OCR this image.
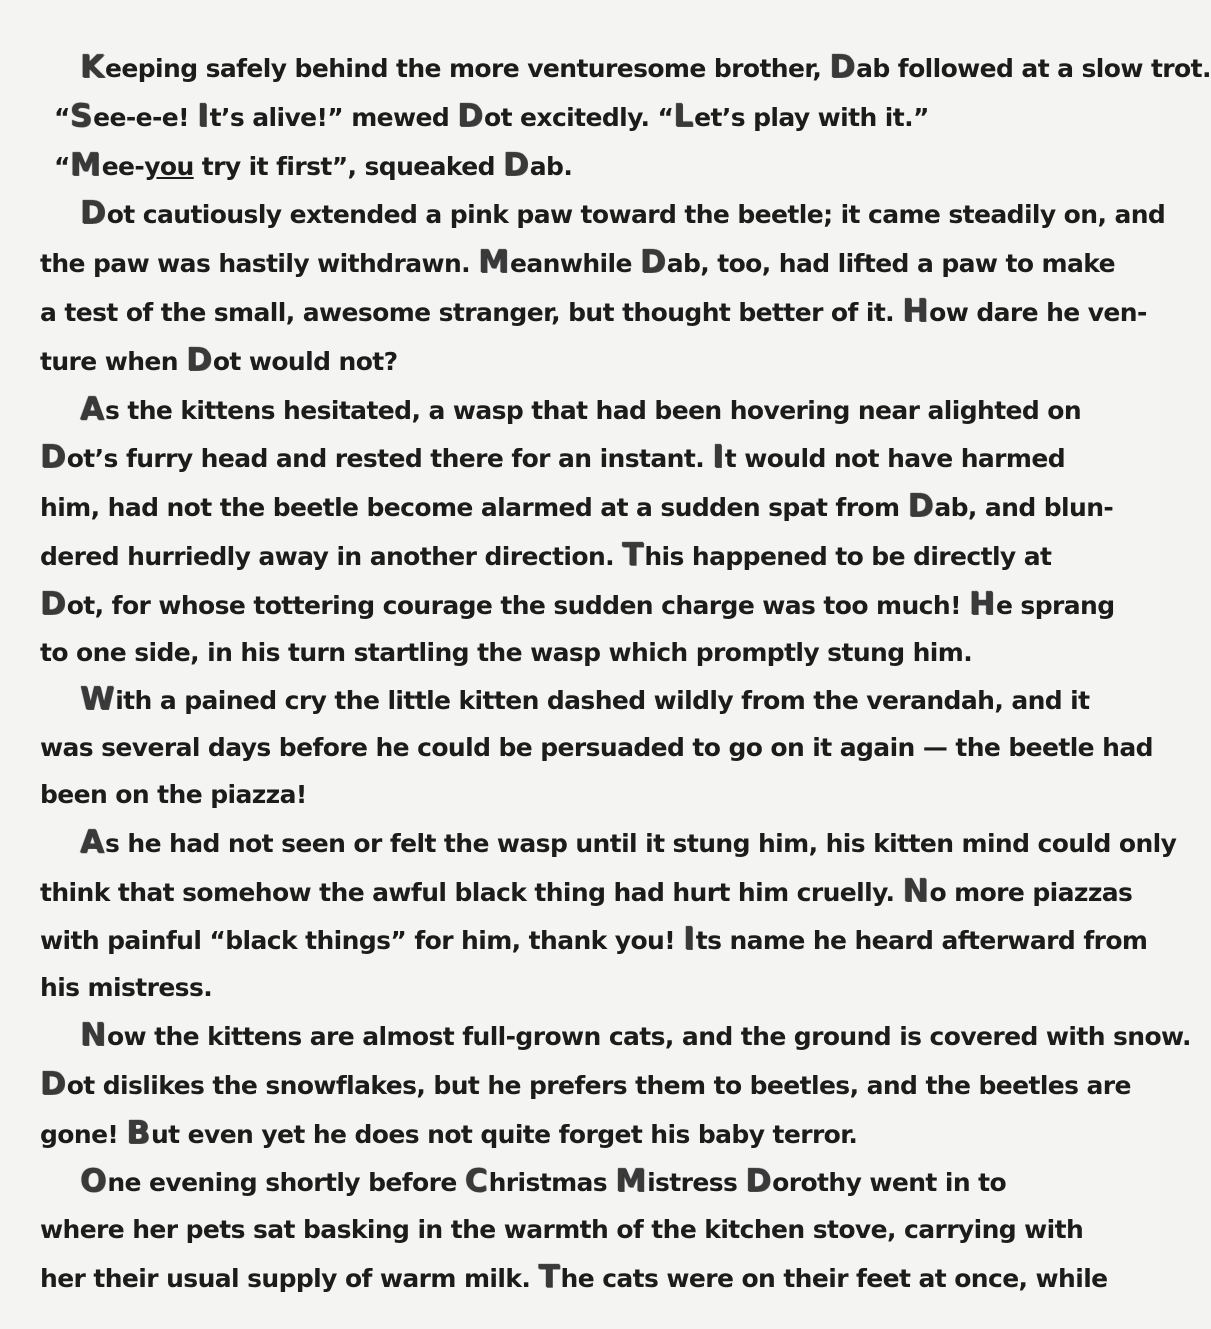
Keeping safely behind the more venturesome brother, Dab followed at a slow trot.
“See-e-e! It’s alive!” mewed Dot excitedly. “Let’s play with it.”
“Mee-you try it first”, squeaked Dab.
Dot cautiously extended a pink paw toward the beetle; it came steadily on, and
the paw was hastily withdrawn. Meanwhile Dab, too, had lifted a paw to make
a test of the small, awesome stranger, but thought better of it. How dare he ven-
ture when Dot would not?
As the kittens hesitated, a wasp that had been hovering near alighted on
Dot’s furry head and rested there for an instant. It would not have harmed
him, had not the beetle become alarmed at a sudden spat from Dab, and blun-
dered hurriedly away in another direction. This happened to be directly at
Dot, for whose tottering courage the sudden charge was too much! He sprang
to one side, in his turn startling the wasp which promptly stung him.
With a pained cry the little kitten dashed wildly from the verandah, and it
was several days before he could be persuaded to go on it again — the beetle had
been on the piazza!
As he had not seen or felt the wasp until it stung him, his kitten mind could only
think that somehow the awful black thing had hurt him cruelly. No more piazzas
with painful “black things” for him, thank you! Its name he heard afterward from
his mistress.
Now the kittens are almost full-grown cats, and the ground is covered with snow.
Dot dislikes the snowflakes, but he prefers them to beetles, and the beetles are
gone! But even yet he does not quite forget his baby terror.
One evening shortly before Christmas Mistress Dorothy went in to
where her pets sat basking in the warmth of the kitchen stove, carrying with
her their usual supply of warm milk. The cats were on their feet at once, while
